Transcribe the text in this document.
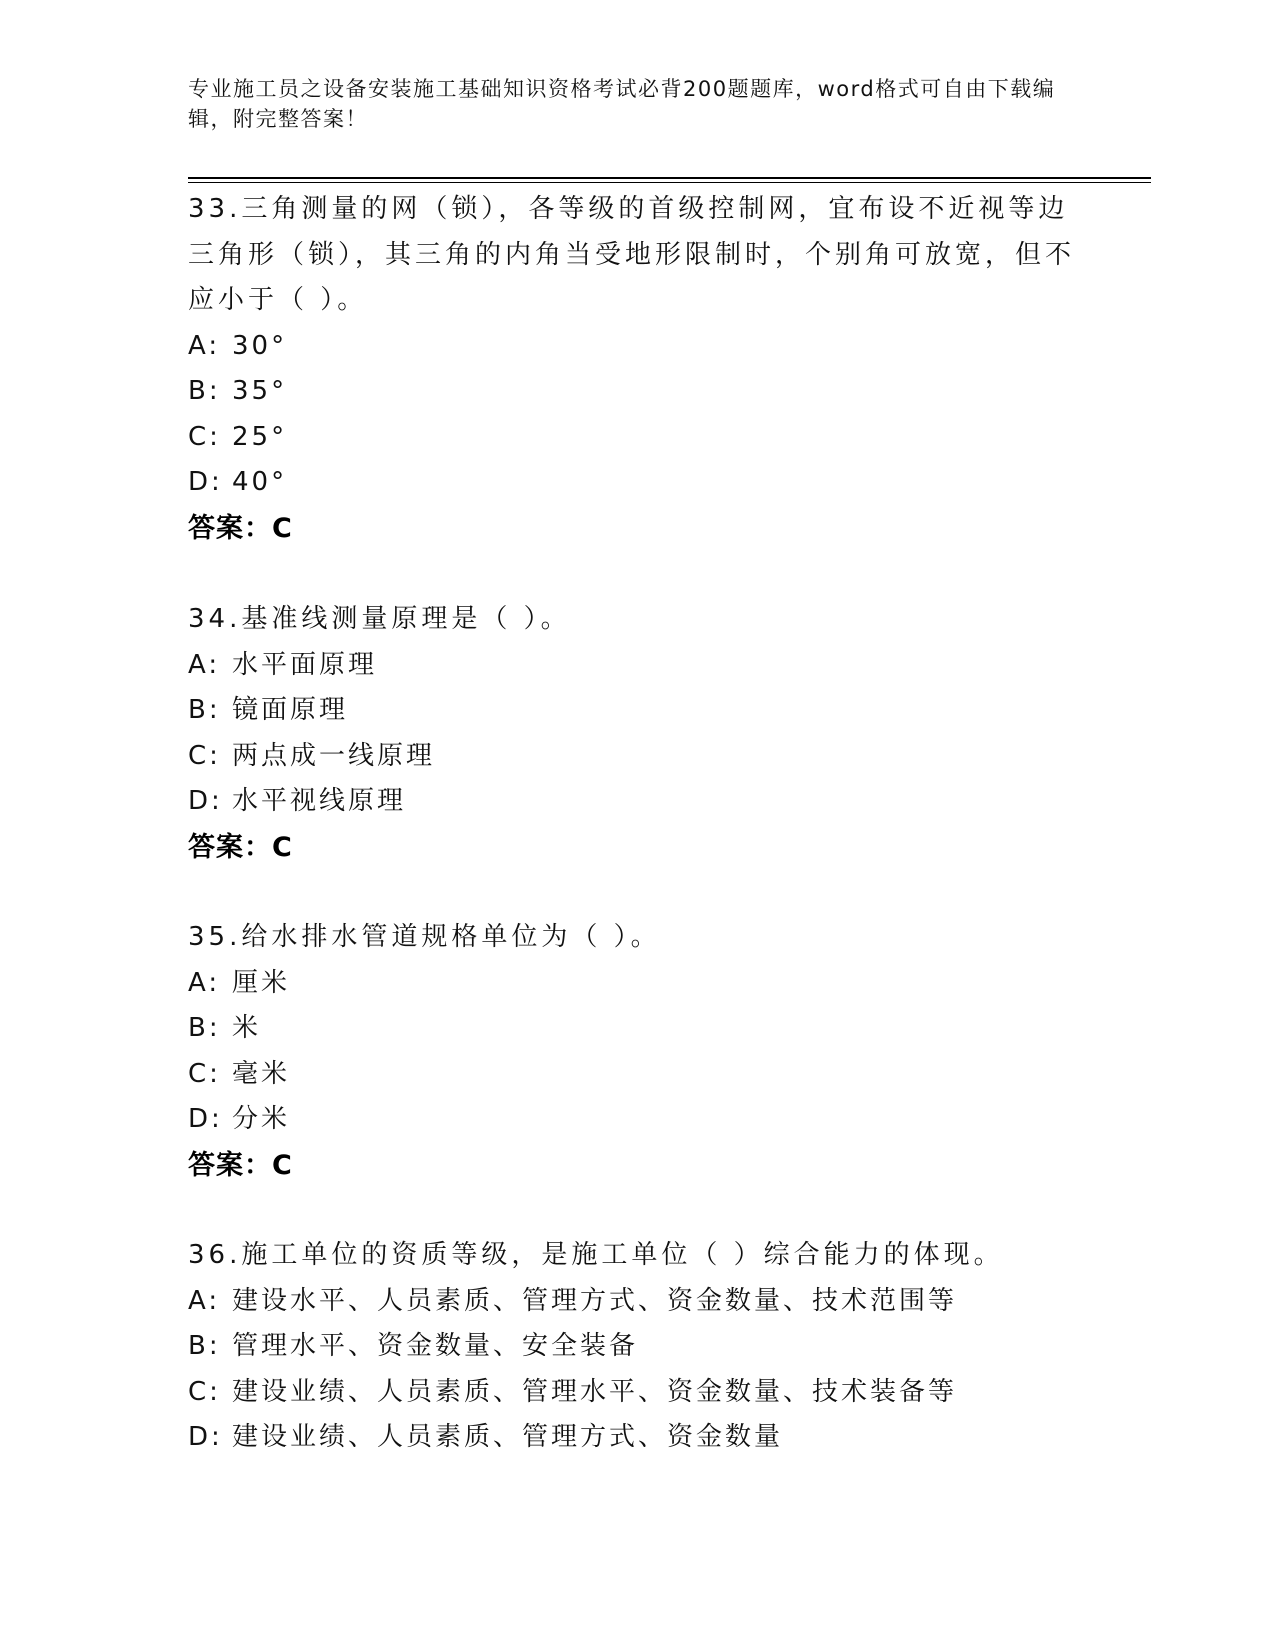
专业施工员之设备安装施工基础知识资格考试必背200题题库，word格式可自由下载编辑，附完整答案！

33.三角测量的网（锁），各等级的首级控制网，宜布设不近视等边三角形（锁），其三角的内角当受地形限制时，个别角可放宽，但不应小于（ ）。

A: 30°
B: 35°
C: 25°
D: 40°
答案：C

34.基准线测量原理是（ ）。

A: 水平面原理
B: 镜面原理
C: 两点成一线原理
D: 水平视线原理
答案：C

35.给水排水管道规格单位为（ ）。

A: 厘米
B: 米
C: 毫米
D: 分米
答案：C

36.施工单位的资质等级，是施工单位（ ）综合能力的体现。

A: 建设水平、人员素质、管理方式、资金数量、技术范围等
B: 管理水平、资金数量、安全装备
C: 建设业绩、人员素质、管理水平、资金数量、技术装备等
D: 建设业绩、人员素质、管理方式、资金数量
